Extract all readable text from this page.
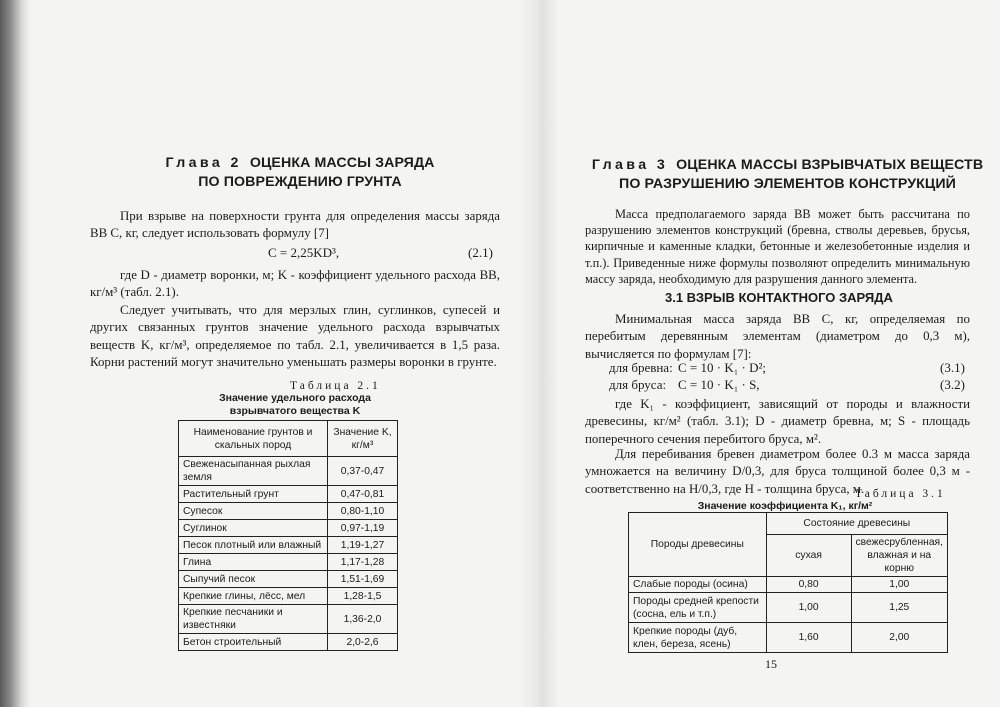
Глава 2 ОЦЕНКА МАССЫ ЗАРЯДА
ПО ПОВРЕЖДЕНИЮ ГРУНТА
При взрыве на поверхности грунта для определения массы заряда ВВ C, кг, следует использовать формулу [7]
C = 2,25KD³,	(2.1)
где D - диаметр воронки, м; K - коэффициент удельного расхода ВВ, кг/м³ (табл. 2.1).
Следует учитывать, что для мерзлых глин, суглинков, супесей и других связанных грунтов значение удельного расхода взрывчатых веществ K, кг/м³, определяемое по табл. 2.1, увеличивается в 1,5 раза. Корни растений могут значительно уменьшать размеры воронки в грунте.
Таблица 2.1
Значение удельного расхода
взрывчатого вещества K
Наименование грунтов и скальных пород	Значение K, кг/м³
Свеженасыпанная рыхлая земля	0,37-0,47
Растительный грунт	0,47-0,81
Супесок	0,80-1,10
Суглинок	0,97-1,19
Песок плотный или влажный	1,19-1,27
Глина	1,17-1,28
Сыпучий песок	1,51-1,69
Крепкие глины, лёсс, мел	1,28-1,5
Крепкие песчаники и известняки	1,36-2,0
Бетон строительный	2,0-2,6
Глава 3 ОЦЕНКА МАССЫ ВЗРЫВЧАТЫХ ВЕЩЕСТВ
ПО РАЗРУШЕНИЮ ЭЛЕМЕНТОВ КОНСТРУКЦИЙ
Масса предполагаемого заряда ВВ может быть рассчитана по разрушению элементов конструкций (бревна, стволы деревьев, брусья, кирпичные и каменные кладки, бетонные и железобетонные изделия и т.п.). Приведенные ниже формулы позволяют определить минимальную массу заряда, необходимую для разрушения данного элемента.
3.1 ВЗРЫВ КОНТАКТНОГО ЗАРЯДА
Минимальная масса заряда ВВ C, кг, определяемая по перебитым деревянным элементам (диаметром до 0,3 м), вычисляется по формулам [7]:
для бревна: C = 10 · K₁ · D²;	(3.1)
для бруса: C = 10 · K₁ · S,	(3.2)
где K₁ - коэффициент, зависящий от породы и влажности древесины, кг/м² (табл. 3.1); D - диаметр бревна, м; S - площадь поперечного сечения перебитого бруса, м².
Для перебивания бревен диаметром более 0.3 м масса заряда умножается на величину D/0,3, для бруса толщиной более 0,3 м - соответственно на H/0,3, где H - толщина бруса, м.
Таблица 3.1
Значение коэффициента K₁, кг/м²
Породы древесины	Состояние древесины	
	сухая	свежесрубленная, влажная и на корню
Слабые породы (осина)	0,80	1,00
Породы средней крепости (сосна, ель и т.п.)	1,00	1,25
Крепкие породы (дуб, клен, береза, ясень)	1,60	2,00
15
